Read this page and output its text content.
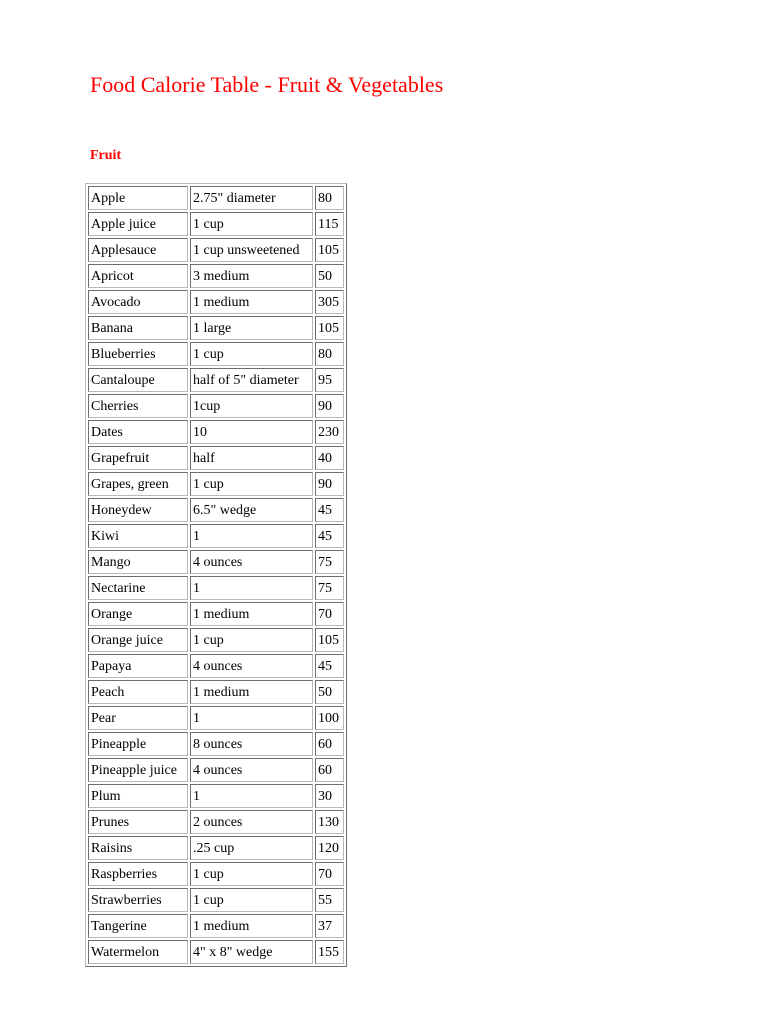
Food Calorie Table - Fruit & Vegetables
Fruit
Apple	2.75" diameter	80
Apple juice	1 cup	115
Applesauce	1 cup unsweetened	105
Apricot	3 medium	50
Avocado	1 medium	305
Banana	1 large	105
Blueberries	1 cup	80
Cantaloupe	half of 5" diameter	95
Cherries	1cup	90
Dates	10	230
Grapefruit	half	40
Grapes, green	1 cup	90
Honeydew	6.5" wedge	45
Kiwi	1	45
Mango	4 ounces	75
Nectarine	1	75
Orange	1 medium	70
Orange juice	1 cup	105
Papaya	4 ounces	45
Peach	1 medium	50
Pear	1	100
Pineapple	8 ounces	60
Pineapple juice	4 ounces	60
Plum	1	30
Prunes	2 ounces	130
Raisins	.25 cup	120
Raspberries	1 cup	70
Strawberries	1 cup	55
Tangerine	1 medium	37
Watermelon	4" x 8" wedge	155
